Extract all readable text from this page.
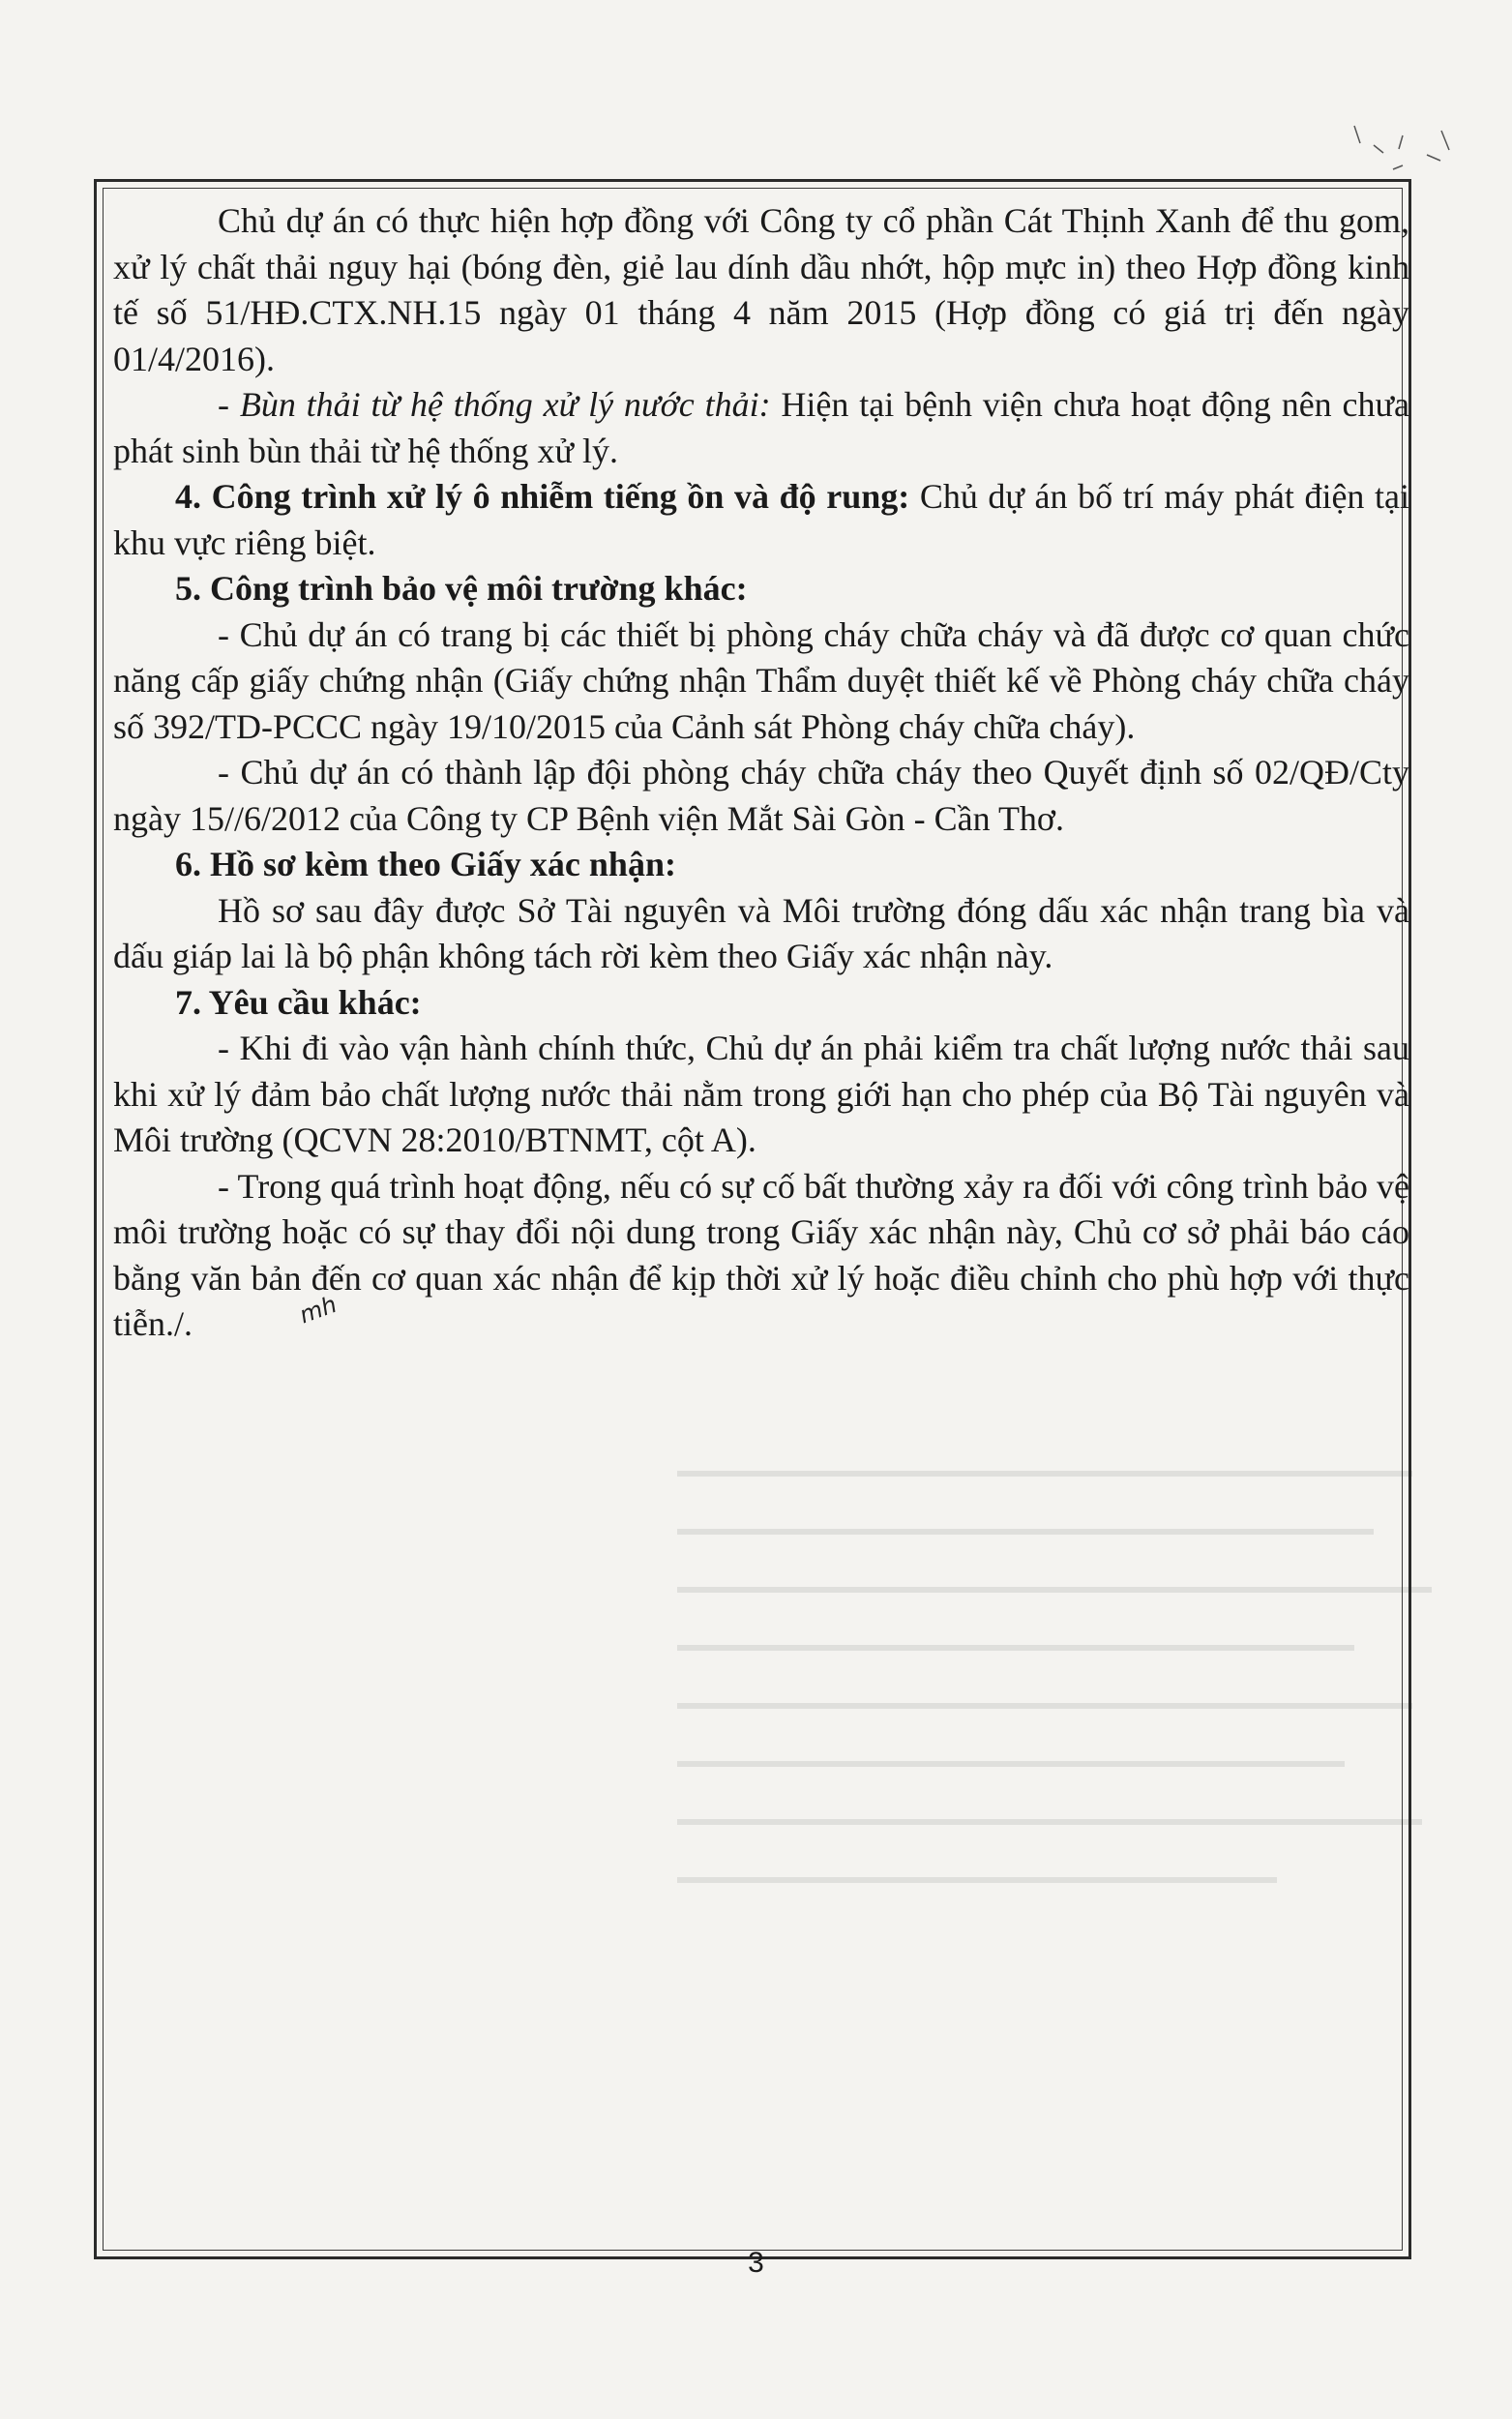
Chủ dự án có thực hiện hợp đồng với Công ty cổ phần Cát Thịnh Xanh để thu gom, xử lý chất thải nguy hại (bóng đèn, giẻ lau dính dầu nhớt, hộp mực in) theo Hợp đồng kinh tế số 51/HĐ.CTX.NH.15 ngày 01 tháng 4 năm 2015 (Hợp đồng có giá trị đến ngày 01/4/2016).

- Bùn thải từ hệ thống xử lý nước thải: Hiện tại bệnh viện chưa hoạt động nên chưa phát sinh bùn thải từ hệ thống xử lý.

4. Công trình xử lý ô nhiễm tiếng ồn và độ rung: Chủ dự án bố trí máy phát điện tại khu vực riêng biệt.

5. Công trình bảo vệ môi trường khác:

- Chủ dự án có trang bị các thiết bị phòng cháy chữa cháy và đã được cơ quan chức năng cấp giấy chứng nhận (Giấy chứng nhận Thẩm duyệt thiết kế về Phòng cháy chữa cháy số 392/TD-PCCC ngày 19/10/2015 của Cảnh sát Phòng cháy chữa cháy).

- Chủ dự án có thành lập đội phòng cháy chữa cháy theo Quyết định số 02/QĐ/Cty ngày 15//6/2012 của Công ty CP Bệnh viện Mắt Sài Gòn - Cần Thơ.

6. Hồ sơ kèm theo Giấy xác nhận:

Hồ sơ sau đây được Sở Tài nguyên và Môi trường đóng dấu xác nhận trang bìa và dấu giáp lai là bộ phận không tách rời kèm theo Giấy xác nhận này.

7. Yêu cầu khác:

- Khi đi vào vận hành chính thức, Chủ dự án phải kiểm tra chất lượng nước thải sau khi xử lý đảm bảo chất lượng nước thải nằm trong giới hạn cho phép của Bộ Tài nguyên và Môi trường (QCVN 28:2010/BTNMT, cột A).

- Trong quá trình hoạt động, nếu có sự cố bất thường xảy ra đối với công trình bảo vệ môi trường hoặc có sự thay đổi nội dung trong Giấy xác nhận này, Chủ cơ sở phải báo cáo bằng văn bản đến cơ quan xác nhận để kịp thời xử lý hoặc điều chỉnh cho phù hợp với thực tiễn./.	mh

3
